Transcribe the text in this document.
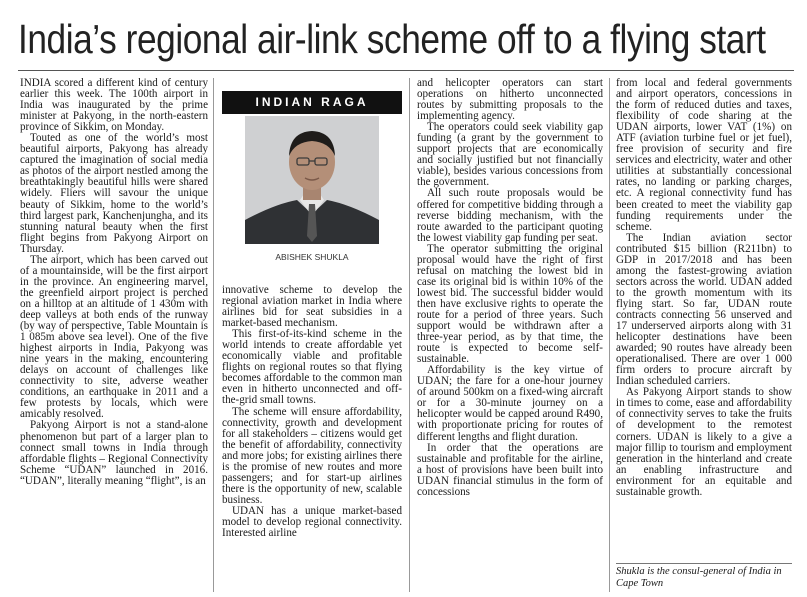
India’s regional air-link scheme off to a flying start

INDIA scored a different kind of century earlier this week. The 100th airport in India was inaugurated by the prime minister at Pakyong, in the north-eastern province of Sikkim, on Monday.

Touted as one of the world’s most beautiful airports, Pakyong has already captured the imagination of social media as photos of the airport nestled among the breathtakingly beautiful hills were shared widely. Fliers will savour the unique beauty of Sikkim, home to the world’s third largest park, Kanchenjungha, and its stunning natural beauty when the first flight begins from Pakyong Airport on Thursday.

The airport, which has been carved out of a mountainside, will be the first airport in the province. An engineering marvel, the greenfield airport project is perched on a hilltop at an altitude of 1 430m with deep valleys at both ends of the runway (by way of perspective, Table Mountain is 1 085m above sea level). One of the five highest airports in India, Pakyong was nine years in the making, encountering delays on account of challenges like connectivity to site, adverse weather conditions, an earthquake in 2011 and a few protests by locals, which were amicably resolved.

Pakyong Airport is not a stand-alone phenomenon but part of a larger plan to connect small towns in India through affordable flights – Regional Connectivity Scheme “UDAN” launched in 2016. “UDAN”, literally meaning “flight”, is an

INDIAN RAGA
ABISHEK SHUKLA

innovative scheme to develop the regional aviation market in India where airlines bid for seat subsidies in a market-based mechanism.

This first-of-its-kind scheme in the world intends to create affordable yet economically viable and profitable flights on regional routes so that flying becomes affordable to the common man even in hitherto unconnected and off-the-grid small towns.

The scheme will ensure affordability, connectivity, growth and development for all stakeholders – citizens would get the benefit of affordability, connectivity and more jobs; for existing airlines there is the promise of new routes and more passengers; and for start-up airlines there is the opportunity of new, scalable business.

UDAN has a unique market-based model to develop regional connectivity. Interested airline

and helicopter operators can start operations on hitherto unconnected routes by submitting proposals to the implementing agency.

The operators could seek viability gap funding (a grant by the government to support projects that are economically and socially justified but not financially viable), besides various concessions from the government.

All such route proposals would be offered for competitive bidding through a reverse bidding mechanism, with the route awarded to the participant quoting the lowest viability gap funding per seat.

The operator submitting the original proposal would have the right of first refusal on matching the lowest bid in case its original bid is within 10% of the lowest bid. The successful bidder would then have exclusive rights to operate the route for a period of three years. Such support would be withdrawn after a three-year period, as by that time, the route is expected to become self-sustainable.

Affordability is the key virtue of UDAN; the fare for a one-hour journey of around 500km on a fixed-wing aircraft or for a 30-minute journey on a helicopter would be capped around R490, with proportionate pricing for routes of different lengths and flight duration.

In order that the operations are sustainable and profitable for the airline, a host of provisions have been built into UDAN financial stimulus in the form of concessions

from local and federal governments and airport operators, concessions in the form of reduced duties and taxes, flexibility of code sharing at the UDAN airports, lower VAT (1%) on ATF (aviation turbine fuel or jet fuel), free provision of security and fire services and electricity, water and other utilities at substantially concessional rates, no landing or parking charges, etc. A regional connectivity fund has been created to meet the viability gap funding requirements under the scheme.

The Indian aviation sector contributed $15 billion (R211bn) to GDP in 2017/2018 and has been among the fastest-growing aviation sectors across the world. UDAN added to the growth momentum with its flying start. So far, UDAN route contracts connecting 56 unserved and 17 underserved airports along with 31 helicopter destinations have been awarded; 90 routes have already been operationalised. There are over 1 000 firm orders to procure aircraft by Indian scheduled carriers.

As Pakyong Airport stands to show in times to come, ease and affordability of connectivity serves to take the fruits of development to the remotest corners. UDAN is likely to a give a major fillip to tourism and employment generation in the hinterland and create an enabling infrastructure and environment for an equitable and sustainable growth.

Shukla is the consul-general of India in Cape Town
